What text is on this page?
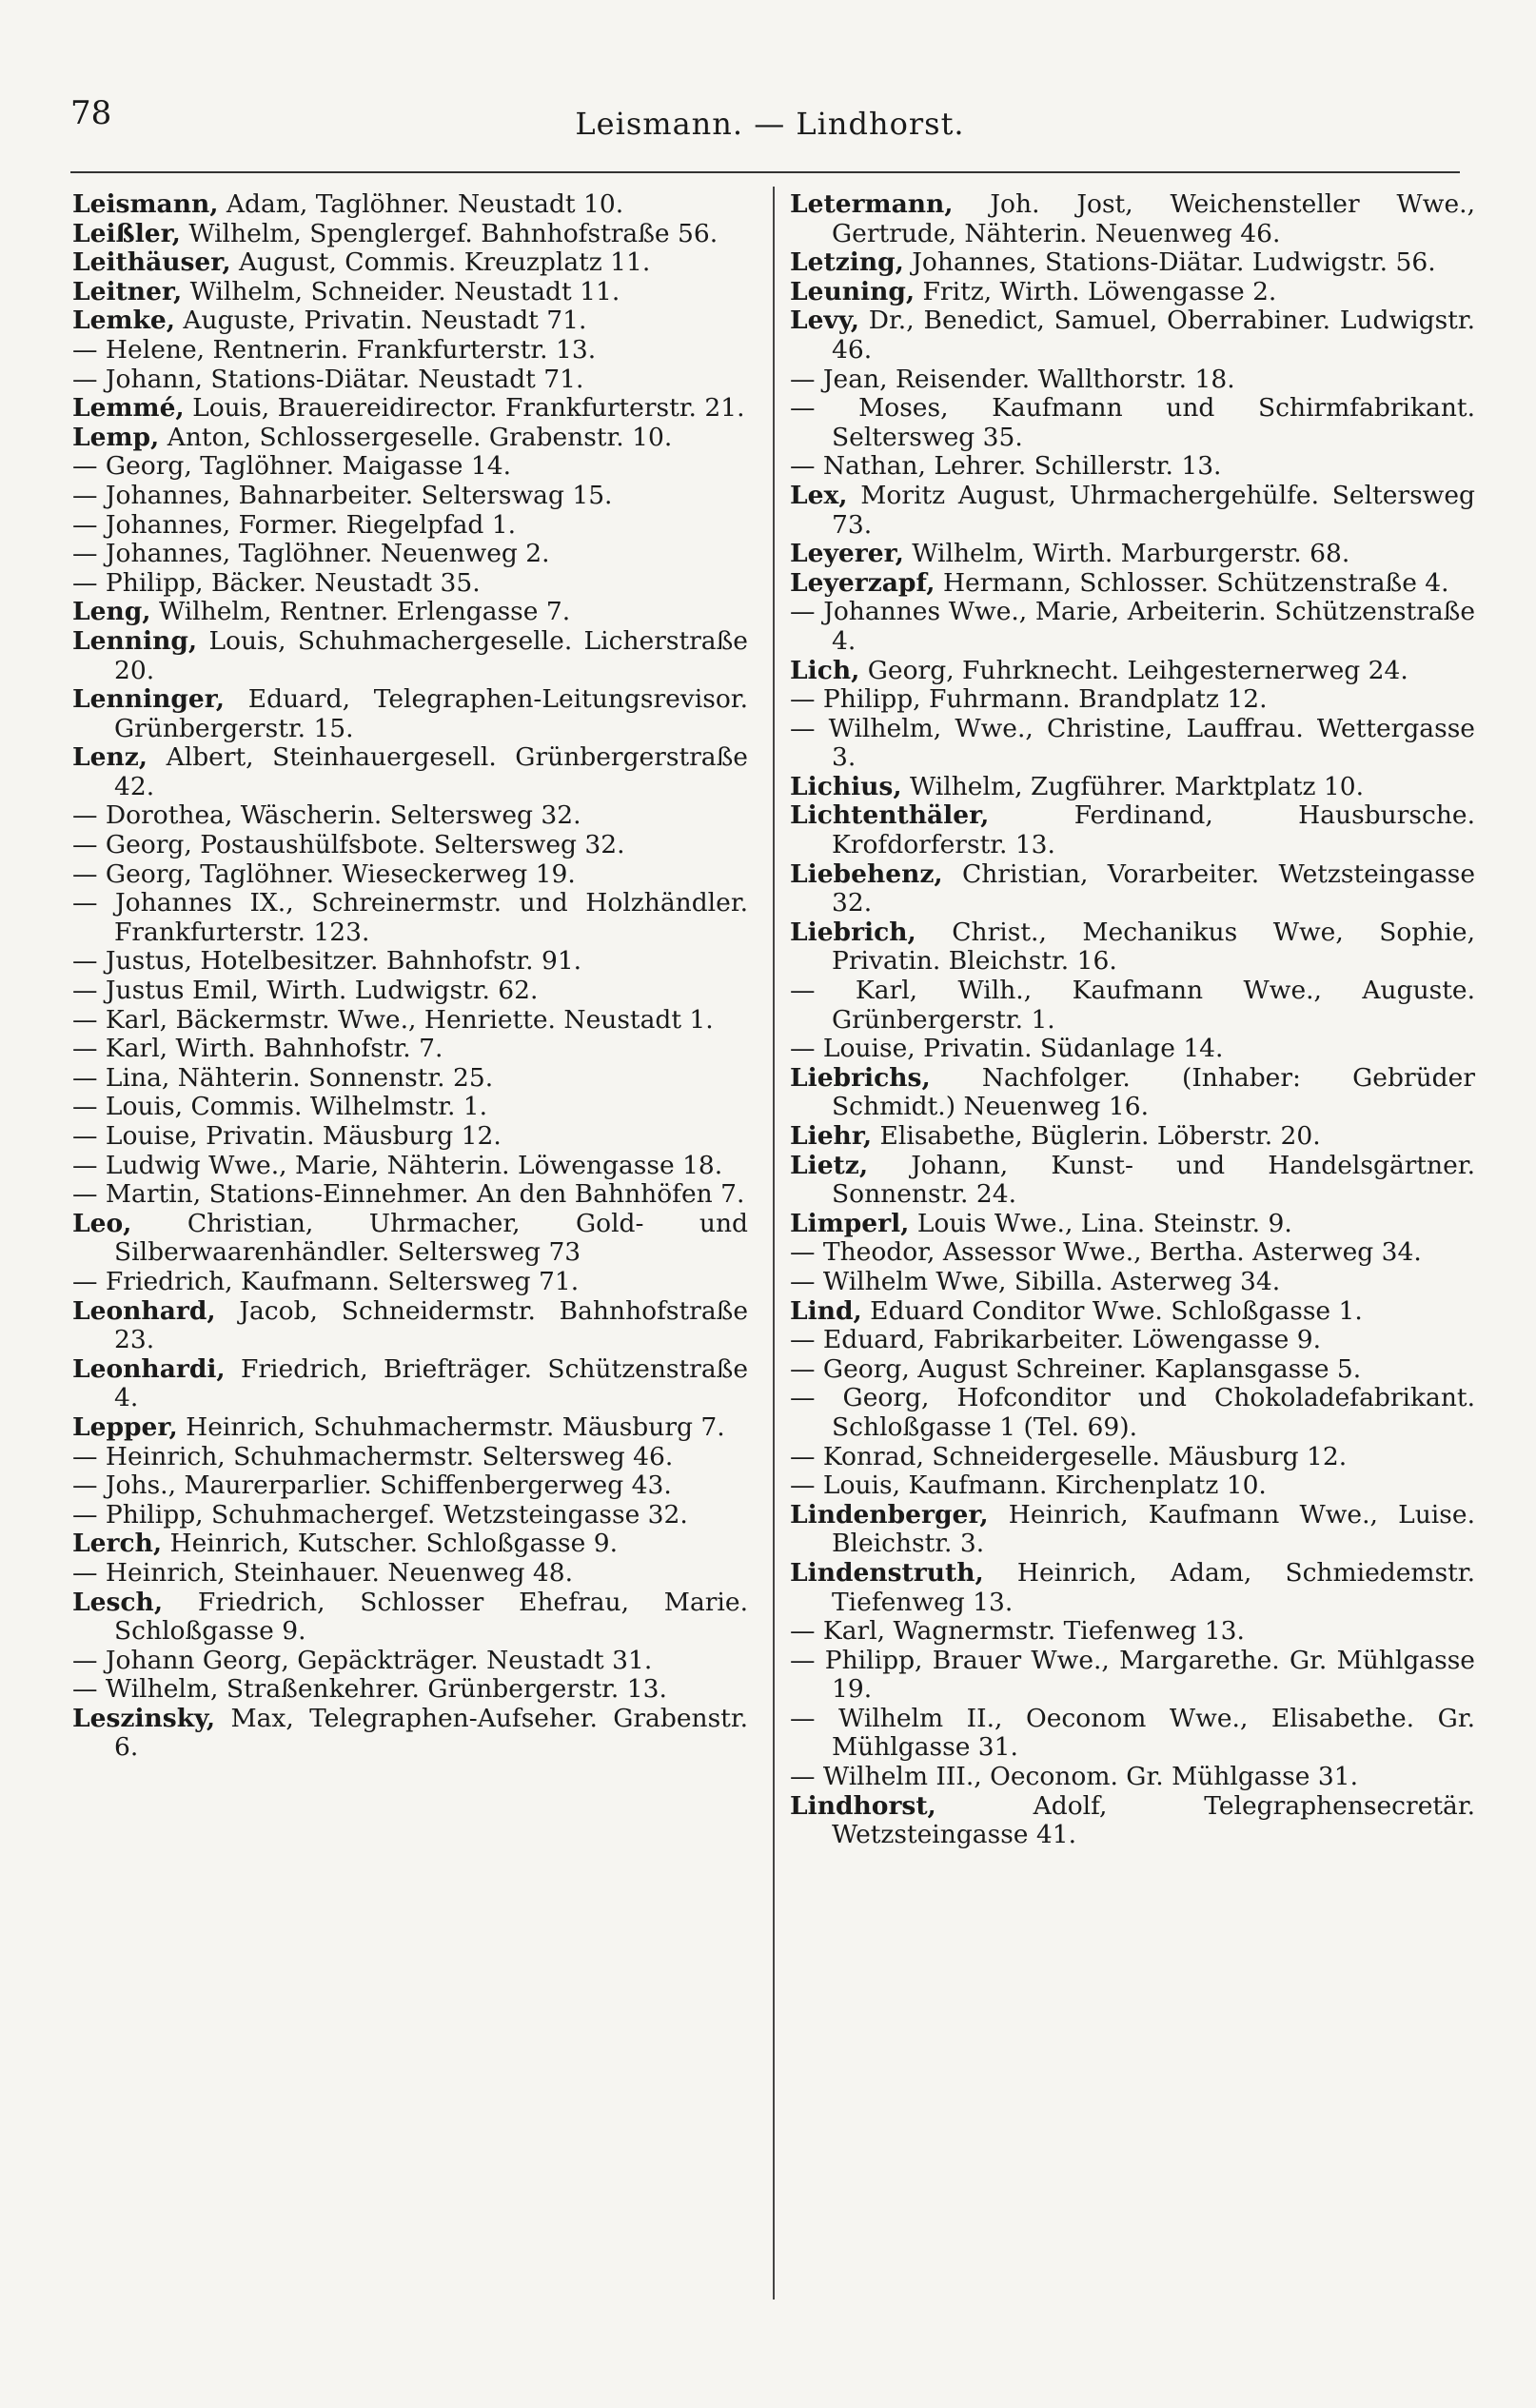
78	Leismann. — Lindhorst.

Leismann, Adam, Taglöhner. Neustadt 10.

Leißler, Wilhelm, Spenglergef. Bahnhofstraße 56.

Leithäuser, August, Commis. Kreuzplatz 11.

Leitner, Wilhelm, Schneider. Neustadt 11.

Lemke, Auguste, Privatin. Neustadt 71.

— Helene, Rentnerin. Frankfurterstr. 13.

— Johann, Stations-Diätar. Neustadt 71.

Lemmé, Louis, Brauereidirector. Frankfurterstr. 21.

Lemp, Anton, Schlossergeselle. Grabenstr. 10.

— Georg, Taglöhner. Maigasse 14.

— Johannes, Bahnarbeiter. Selterswag 15.

— Johannes, Former. Riegelpfad 1.

— Johannes, Taglöhner. Neuenweg 2.

— Philipp, Bäcker. Neustadt 35.

Leng, Wilhelm, Rentner. Erlengasse 7.

Lenning, Louis, Schuhmachergeselle. Licherstraße 20.

Lenninger, Eduard, Telegraphen-Leitungsrevisor. Grünbergerstr. 15.

Lenz, Albert, Steinhauergesell. Grünbergerstraße 42.

— Dorothea, Wäscherin. Seltersweg 32.

— Georg, Postaushülfsbote. Seltersweg 32.

— Georg, Taglöhner. Wieseckerweg 19.

— Johannes IX., Schreinermstr. und Holzhändler. Frankfurterstr. 123.

— Justus, Hotelbesitzer. Bahnhofstr. 91.

— Justus Emil, Wirth. Ludwigstr. 62.

— Karl, Bäckermstr. Wwe., Henriette. Neustadt 1.

— Karl, Wirth. Bahnhofstr. 7.

— Lina, Nähterin. Sonnenstr. 25.

— Louis, Commis. Wilhelmstr. 1.

— Louise, Privatin. Mäusburg 12.

— Ludwig Wwe., Marie, Nähterin. Löwengasse 18.

— Martin, Stations-Einnehmer. An den Bahnhöfen 7.

Leo, Christian, Uhrmacher, Gold- und Silberwaarenhändler. Seltersweg 73

— Friedrich, Kaufmann. Seltersweg 71.

Leonhard, Jacob, Schneidermstr. Bahnhofstraße 23.

Leonhardi, Friedrich, Briefträger. Schützenstraße 4.

Lepper, Heinrich, Schuhmachermstr. Mäusburg 7.

— Heinrich, Schuhmachermstr. Seltersweg 46.

— Johs., Maurerparlier. Schiffenbergerweg 43.

— Philipp, Schuhmachergef. Wetzsteingasse 32.

Lerch, Heinrich, Kutscher. Schloßgasse 9.

— Heinrich, Steinhauer. Neuenweg 48.

Lesch, Friedrich, Schlosser Ehefrau, Marie. Schloßgasse 9.

— Johann Georg, Gepäckträger. Neustadt 31.

— Wilhelm, Straßenkehrer. Grünbergerstr. 13.

Leszinsky, Max, Telegraphen-Aufseher. Grabenstr. 6.

Letermann, Joh. Jost, Weichensteller Wwe., Gertrude, Nähterin. Neuenweg 46.

Letzing, Johannes, Stations-Diätar. Ludwigstr. 56.

Leuning, Fritz, Wirth. Löwengasse 2.

Levy, Dr., Benedict, Samuel, Oberrabiner. Ludwigstr. 46.

— Jean, Reisender. Wallthorstr. 18.

— Moses, Kaufmann und Schirmfabrikant. Seltersweg 35.

— Nathan, Lehrer. Schillerstr. 13.

Lex, Moritz August, Uhrmachergehülfe. Seltersweg 73.

Leyerer, Wilhelm, Wirth. Marburgerstr. 68.

Leyerzapf, Hermann, Schlosser. Schützenstraße 4.

— Johannes Wwe., Marie, Arbeiterin. Schützenstraße 4.

Lich, Georg, Fuhrknecht. Leihgesternerweg 24.

— Philipp, Fuhrmann. Brandplatz 12.

— Wilhelm, Wwe., Christine, Lauffrau. Wettergasse 3.

Lichius, Wilhelm, Zugführer. Marktplatz 10.

Lichtenthäler, Ferdinand, Hausbursche. Krofdorferstr. 13.

Liebehenz, Christian, Vorarbeiter. Wetzsteingasse 32.

Liebrich, Christ., Mechanikus Wwe, Sophie, Privatin. Bleichstr. 16.

— Karl, Wilh., Kaufmann Wwe., Auguste. Grünbergerstr. 1.

— Louise, Privatin. Südanlage 14.

Liebrichs, Nachfolger. (Inhaber: Gebrüder Schmidt.) Neuenweg 16.

Liehr, Elisabethe, Büglerin. Löberstr. 20.

Lietz, Johann, Kunst- und Handelsgärtner. Sonnenstr. 24.

Limperl, Louis Wwe., Lina. Steinstr. 9.

— Theodor, Assessor Wwe., Bertha. Asterweg 34.

— Wilhelm Wwe, Sibilla. Asterweg 34.

Lind, Eduard Conditor Wwe. Schloßgasse 1.

— Eduard, Fabrikarbeiter. Löwengasse 9.

— Georg, August Schreiner. Kaplansgasse 5.

— Georg, Hofconditor und Chokoladefabrikant. Schloßgasse 1 (Tel. 69).

— Konrad, Schneidergeselle. Mäusburg 12.

— Louis, Kaufmann. Kirchenplatz 10.

Lindenberger, Heinrich, Kaufmann Wwe., Luise. Bleichstr. 3.

Lindenstruth, Heinrich, Adam, Schmiedemstr. Tiefenweg 13.

— Karl, Wagnermstr. Tiefenweg 13.

— Philipp, Brauer Wwe., Margarethe. Gr. Mühlgasse 19.

— Wilhelm II., Oeconom Wwe., Elisabethe. Gr. Mühlgasse 31.

— Wilhelm III., Oeconom. Gr. Mühlgasse 31.

Lindhorst, Adolf, Telegraphensecretär. Wetzsteingasse 41.
